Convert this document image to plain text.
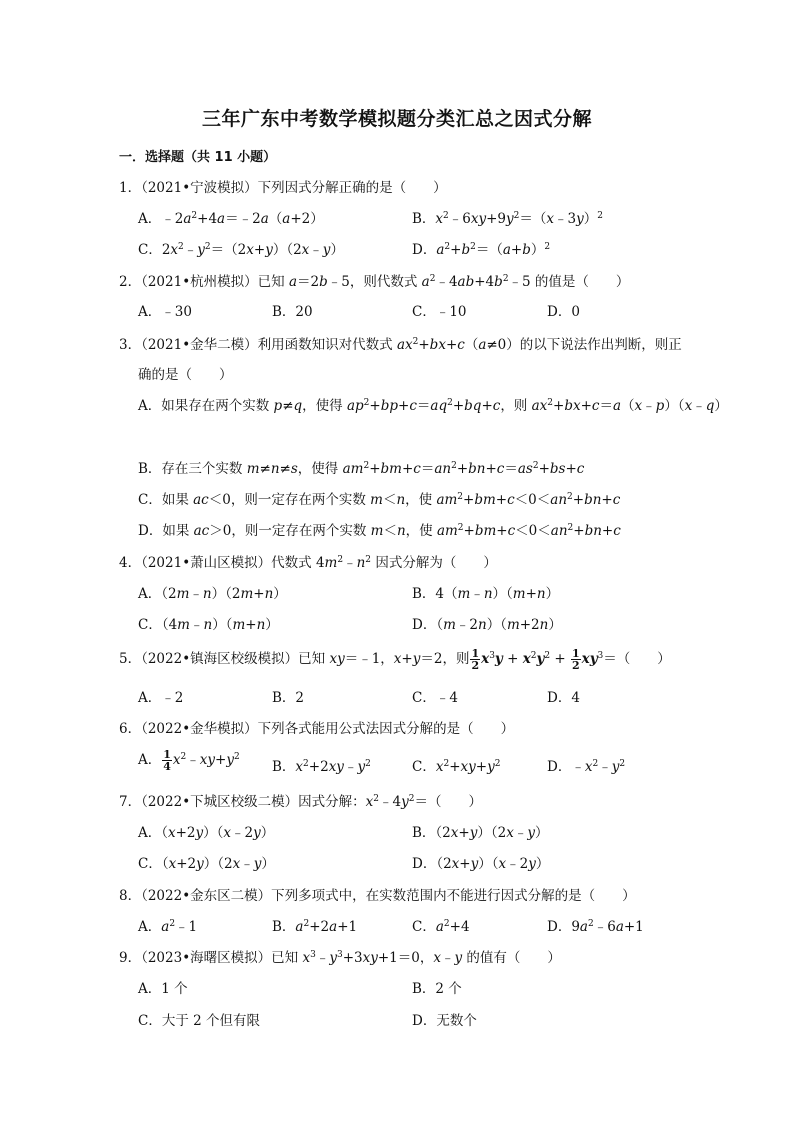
三年广东中考数学模拟题分类汇总之因式分解
一．选择题（共 11 小题）
1．（2021•宁波模拟）下列因式分解正确的是（　　）
A．$﹣2a^2+4a=﹣2a(a+2)$	B．$x^2﹣6xy+9y^2=(x﹣3y)^2$
C．$2x^2﹣y^2=(2x+y)(2x﹣y)$	D．$a^2+b^2=(a+b)^2$
2．（2021•杭州模拟）已知 a＝2b﹣5，则代数式 $a^2﹣4ab+4b^2﹣5$ 的值是（　　）
A．﹣30	B．20	C．﹣10	D．0
3．（2021•金华二模）利用函数知识对代数式 $ax^2+bx+c(a\ne 0)$的以下说法作出判断，则正
确的是（　　）
A．如果存在两个实数 p≠q，使得 $ap^2+bp+c=aq^2+bq+c$，则 $ax^2+bx+c=a(x﹣p)(x﹣q)$
B．存在三个实数 m≠n≠s，使得 $am^2+bm+c=an^2+bn+c=as^2+bs+c$
C．如果 ac＜0，则一定存在两个实数 m＜n，使 $am^2+bm+c<0<an^2+bn+c$
D．如果 ac＞0，则一定存在两个实数 m＜n，使 $am^2+bm+c<0<an^2+bn+c$
4．（2021•萧山区模拟）代数式 $4m^2﹣n^2$ 因式分解为（　　）
A．（2m﹣n）（2m+n）	B．4（m﹣n）（m+n）
C．（4m﹣n）（m+n）	D．（m﹣2n）（m+2n）
5．（2022•镇海区校级模拟）已知 xy＝﹣1，x+y＝2，则 $\frac{1}{2} x^3y + x^2y^2 + \frac{1}{2} xy^3=$（　　）
A．﹣2	B．2	C．﹣4	D．4
6．（2022•金华模拟）下列各式能用公式法因式分解的是（　　）
A． $\frac{1}{4}$ $x^2﹣xy+y^2$
B．$x^2+2xy﹣y^2$	C．$x^2+xy+y^2$	D．$﹣x^2﹣y^2$
7．（2022•下城区校级二模）因式分解：$x^2﹣4y^2=$（　　）
A．（x+2y）（x﹣2y）	B．（2x+y）（2x﹣y）
C．（x+2y）（2x﹣y）	D．（2x+y）（x﹣2y）
8．（2022•金东区二模）下列多项式中，在实数范围内不能进行因式分解的是（　　）
A．$a^2﹣1$	B．$a^2+2a+1$	C．$a^2+4$	D．$9a^2﹣6a+1$
9．（2023•海曙区模拟）已知 $x^3﹣y^3+3xy+1=0$，x﹣y 的值有（　　）
A．1 个	B．2 个
C．大于 2 个但有限	D．无数个
